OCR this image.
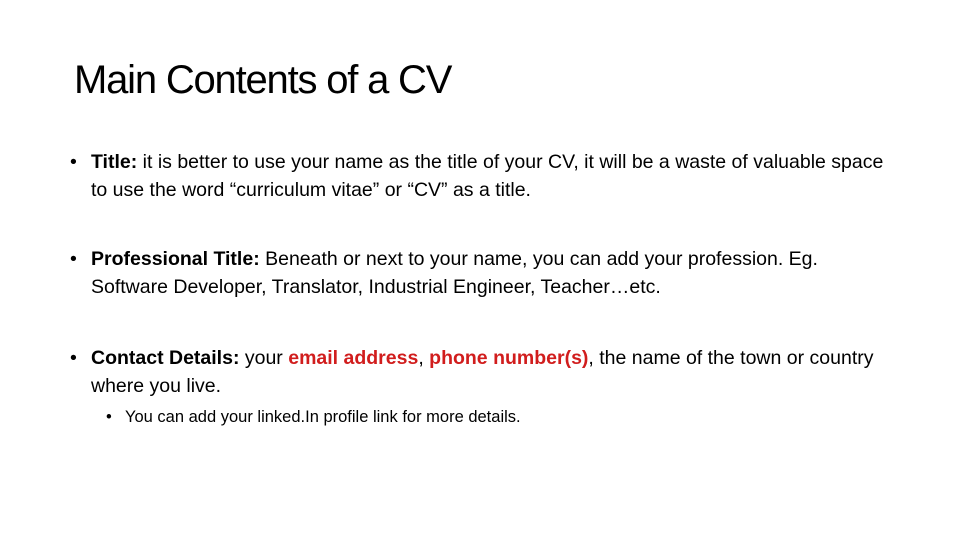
Main Contents of a CV
• Title: it is better to use your name as the title of your CV, it will be a waste of valuable space to use the word “curriculum vitae” or “CV” as a title.
• Professional Title: Beneath or next to your name, you can add your profession. Eg. Software Developer, Translator, Industrial Engineer, Teacher…etc.
• Contact Details: your email address, phone number(s), the name of the town or country where you live.
• You can add your linked.In profile link for more details.
